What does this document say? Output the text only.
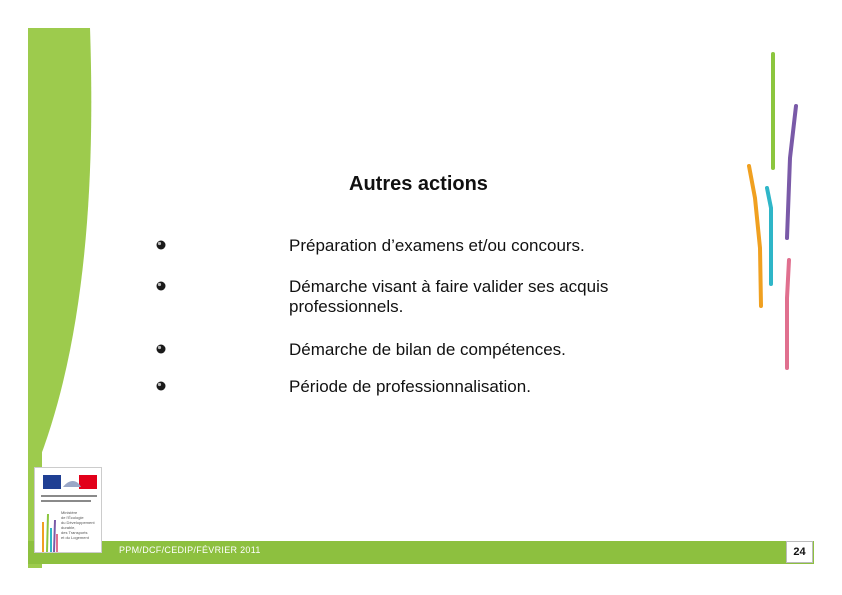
Autres actions
Préparation d’examens et/ou concours.
Démarche visant à faire valider ses acquis professionnels.
Démarche de bilan de compétences.
Période de professionnalisation.
PPM/DCF/CEDIP/FÉVRIER 2011	24
Ministère
de l'Écologie
du Développement
durable,
des Transports
et du Logement
